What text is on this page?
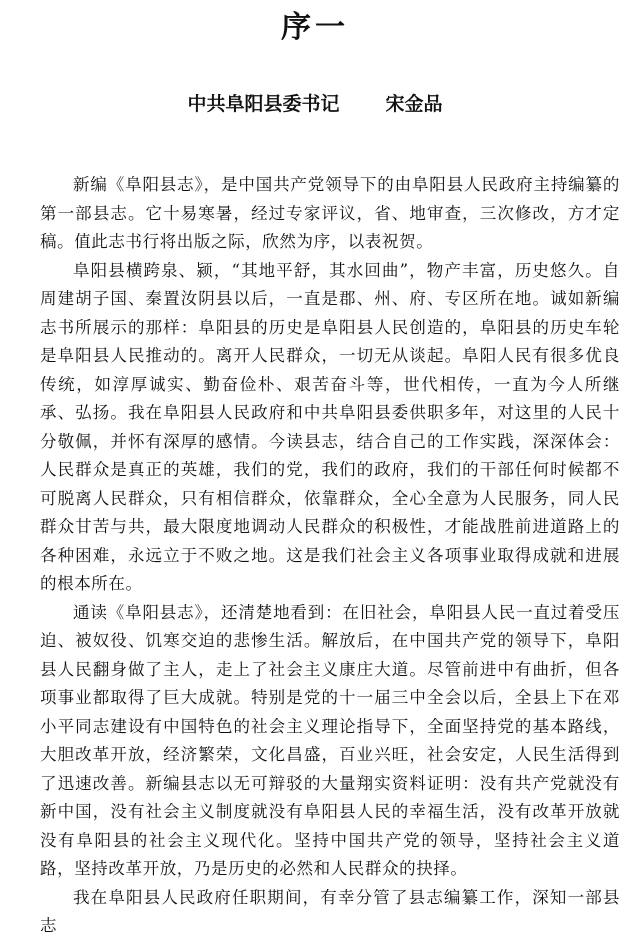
序一
中共阜阳县委书记 宋金品

新编《阜阳县志》，是中国共产党领导下的由阜阳县人民政府主持编纂的第一部县志。它十易寒暑，经过专家评议，省、地审查，三次修改，方才定稿。值此志书行将出版之际，欣然为序，以表祝贺。

阜阳县横跨泉、颍，“其地平舒，其水回曲”，物产丰富，历史悠久。自周建胡子国、秦置汝阴县以后，一直是郡、州、府、专区所在地。诚如新编志书所展示的那样：阜阳县的历史是阜阳县人民创造的，阜阳县的历史车轮是阜阳县人民推动的。离开人民群众，一切无从谈起。阜阳人民有很多优良传统，如淳厚诚实、勤奋俭朴、艰苦奋斗等，世代相传，一直为今人所继承、弘扬。我在阜阳县人民政府和中共阜阳县委供职多年，对这里的人民十分敬佩，并怀有深厚的感情。今读县志，结合自己的工作实践，深深体会：人民群众是真正的英雄，我们的党，我们的政府，我们的干部任何时候都不可脱离人民群众，只有相信群众，依靠群众，全心全意为人民服务，同人民群众甘苦与共，最大限度地调动人民群众的积极性，才能战胜前进道路上的各种困难，永远立于不败之地。这是我们社会主义各项事业取得成就和进展的根本所在。

通读《阜阳县志》，还清楚地看到：在旧社会，阜阳县人民一直过着受压迫、被奴役、饥寒交迫的悲惨生活。解放后，在中国共产党的领导下，阜阳县人民翻身做了主人，走上了社会主义康庄大道。尽管前进中有曲折，但各项事业都取得了巨大成就。特别是党的十一届三中全会以后，全县上下在邓小平同志建设有中国特色的社会主义理论指导下，全面坚持党的基本路线，大胆改革开放，经济繁荣，文化昌盛，百业兴旺，社会安定，人民生活得到了迅速改善。新编县志以无可辩驳的大量翔实资料证明：没有共产党就没有新中国，没有社会主义制度就没有阜阳县人民的幸福生活，没有改革开放就没有阜阳县的社会主义现代化。坚持中国共产党的领导，坚持社会主义道路，坚持改革开放，乃是历史的必然和人民群众的抉择。

我在阜阳县人民政府任职期间，有幸分管了县志编纂工作，深知一部县志
